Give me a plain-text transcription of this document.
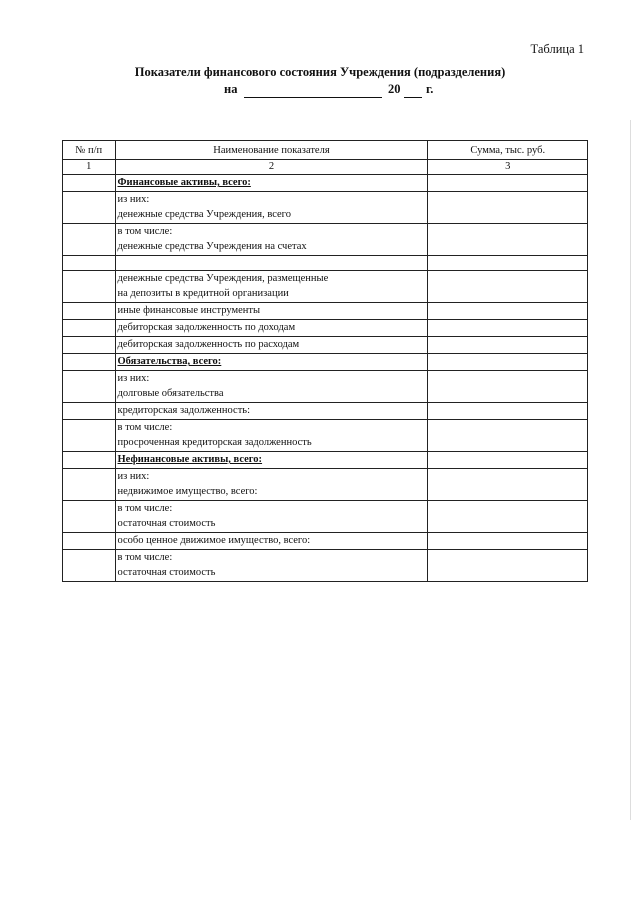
Таблица 1
Показатели финансового состояния Учреждения (подразделения)
на	20 г.
№ п/п	Наименование показателя	Сумма, тыс. руб.
1	2	3

	Финансовые активы, всего:	

	из них:
денежные средства Учреждения, всего	

	в том числе:
денежные средства Учреждения на счетах	

	денежные средства Учреждения, размещенные
на депозиты в кредитной организации	

	иные финансовые инструменты	

	дебиторская задолженность по доходам	

	дебиторская задолженность по расходам	

	Обязательства, всего:	

	из них:
долговые обязательства	

	кредиторская задолженность:	

	в том числе:
просроченная кредиторская задолженность	

	Нефинансовые активы, всего:	

	из них:
недвижимое имущество, всего:	

	в том числе:
остаточная стоимость	

	особо ценное движимое имущество, всего:	

	в том числе:
остаточная стоимость	
